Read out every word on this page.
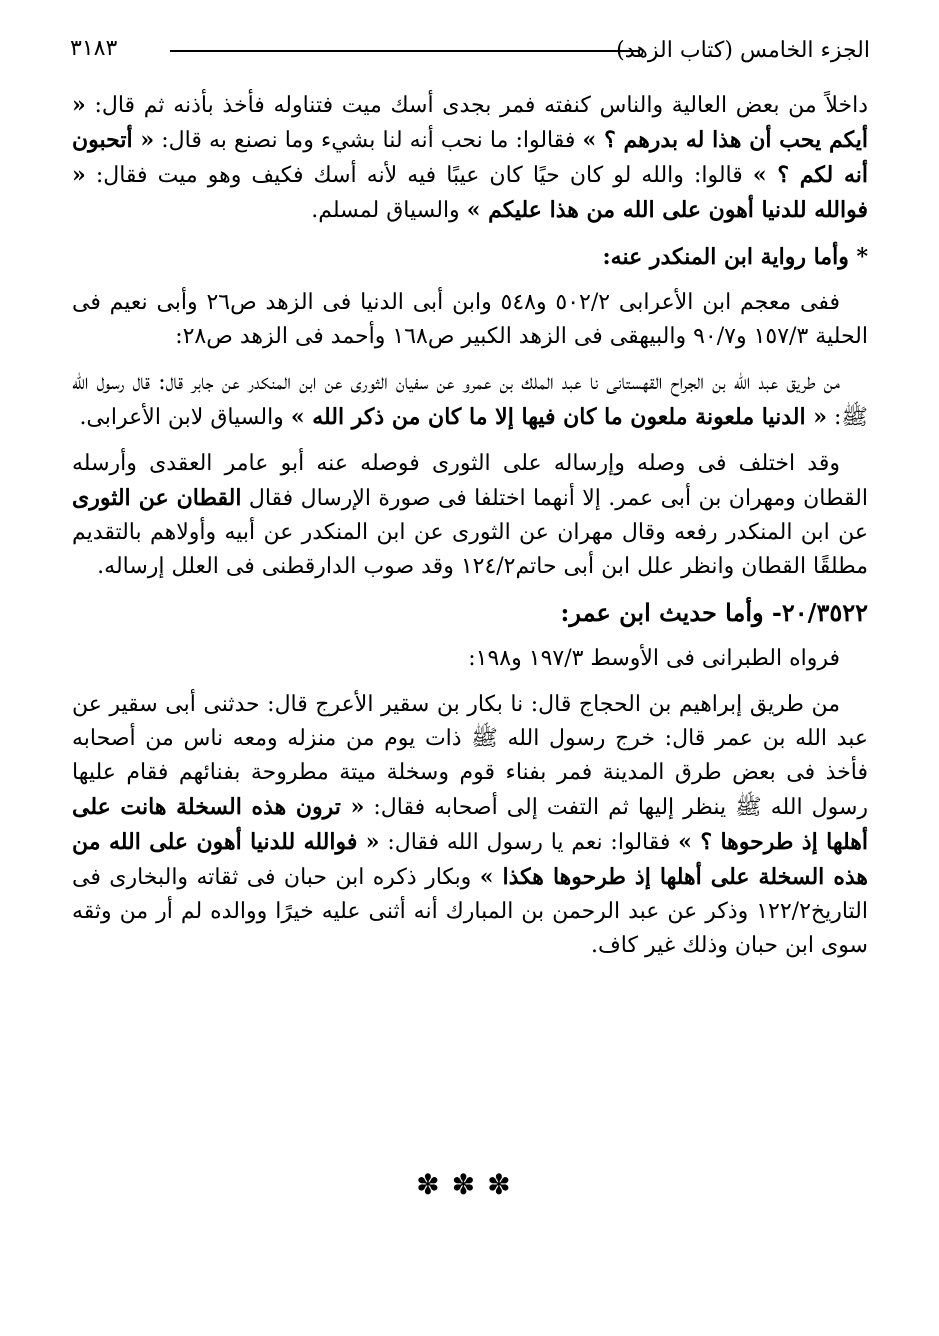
الجزء الخامس (كتاب الزهد)
٣١٨٣

داخلاً من بعض العالية والناس كنفته فمر بجدى أسك ميت فتناوله فأخذ بأذنه ثم قال: « أيكم يحب أن هذا له بدرهم ؟ » فقالوا: ما نحب أنه لنا بشيء وما نصنع به قال: « أتحبون أنه لكم ؟ » قالوا: والله لو كان حيًا كان عيبًا فيه لأنه أسك فكيف وهو ميت فقال: « فوالله للدنيا أهون على الله من هذا عليكم » والسياق لمسلم.

* وأما رواية ابن المنكدر عنه:

ففى معجم ابن الأعرابى ٥٠٢/٢ و٥٤٨ وابن أبى الدنيا فى الزهد ص٢٦ وأبى نعيم فى الحلية ١٥٧/٣ و٩٠/٧ والبيهقى فى الزهد الكبير ص١٦٨ وأحمد فى الزهد ص٢٨:

من طريق عبد الله بن الجراح القهستانى نا عبد الملك بن عمرو عن سفيان الثورى عن ابن المنكدر عن جابر قال: قال رسول الله ﷺ: « الدنيا ملعونة ملعون ما كان فيها إلا ما كان من ذكر الله » والسياق لابن الأعرابى.

وقد اختلف فى وصله وإرساله على الثورى فوصله عنه أبو عامر العقدى وأرسله القطان ومهران بن أبى عمر. إلا أنهما اختلفا فى صورة الإرسال فقال القطان عن الثورى عن ابن المنكدر رفعه وقال مهران عن الثورى عن ابن المنكدر عن أبيه وأولاهم بالتقديم مطلقًا القطان وانظر علل ابن أبى حاتم١٢٤/٢ وقد صوب الدارقطنى فى العلل إرساله.

٢٠/٣٥٢٢- وأما حديث ابن عمر:

فرواه الطبرانى فى الأوسط ١٩٧/٣ و١٩٨:

من طريق إبراهيم بن الحجاج قال: نا بكار بن سقير الأعرج قال: حدثنى أبى سقير عن عبد الله بن عمر قال: خرج رسول الله ﷺ ذات يوم من منزله ومعه ناس من أصحابه فأخذ فى بعض طرق المدينة فمر بفناء قوم وسخلة ميتة مطروحة بفنائهم فقام عليها رسول الله ﷺ ينظر إليها ثم التفت إلى أصحابه فقال: « ترون هذه السخلة هانت على أهلها إذ طرحوها ؟ » فقالوا: نعم يا رسول الله فقال: « فوالله للدنيا أهون على الله من هذه السخلة على أهلها إذ طرحوها هكذا » وبكار ذكره ابن حبان فى ثقاته والبخارى فى التاريخ١٢٢/٢ وذكر عن عبد الرحمن بن المبارك أنه أثنى عليه خيرًا ووالده لم أر من وثقه سوى ابن حبان وذلك غير كاف.

✽✽✽
